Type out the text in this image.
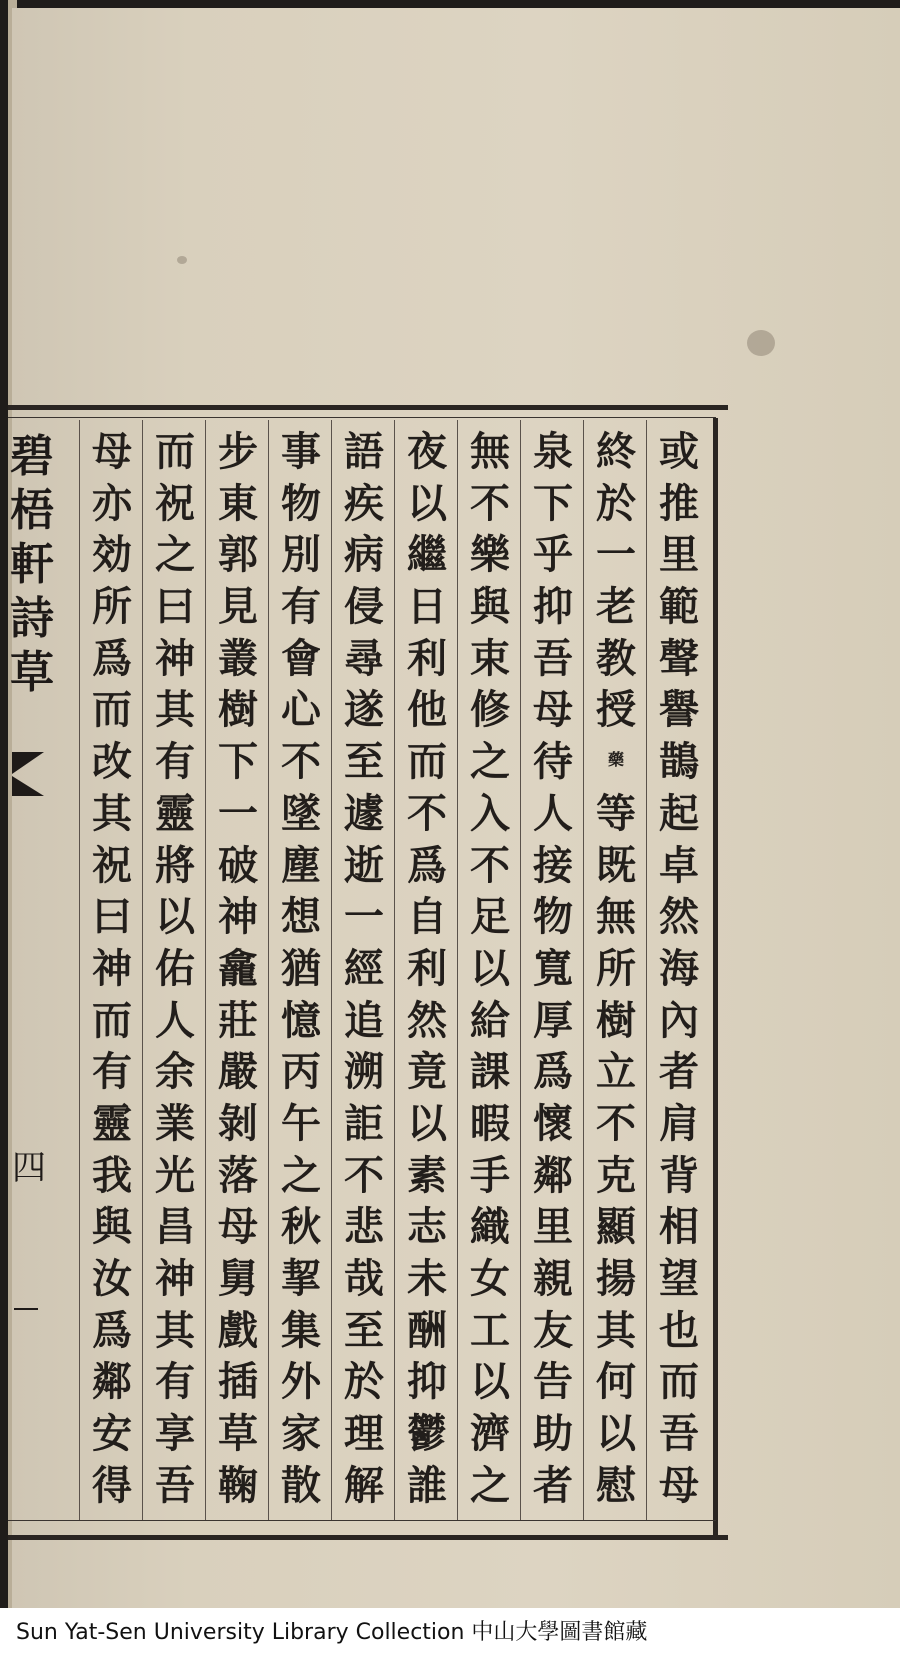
或
推
里
範
聲
譽
鵲
起
卓
然
海
內
者
肩
背
相
望
也
而
吾
母
終
於
一
老
教
授
藥
等
既
無
所
樹
立
不
克
顯
揚
其
何
以
慰
泉
下
乎
抑
吾
母
待
人
接
物
寬
厚
爲
懷
鄰
里
親
友
告
助
者
無
不
樂
與
束
修
之
入
不
足
以
給
課
暇
手
織
女
工
以
濟
之
夜
以
繼
日
利
他
而
不
爲
自
利
然
竟
以
素
志
未
酬
抑
鬱
誰
語
疾
病
侵
尋
遂
至
遽
逝
一
經
追
溯
詎
不
悲
哉
至
於
理
解
事
物
別
有
會
心
不
墜
塵
想
猶
憶
丙
午
之
秋
挈
集
外
家
散
步
東
郭
見
叢
樹
下
一
破
神
龕
莊
嚴
剝
落
母
舅
戲
插
草
鞠
而
祝
之
曰
神
其
有
靈
將
以
佑
人
余
業
光
昌
神
其
有
享
吾
母
亦
効
所
爲
而
改
其
祝
曰
神
而
有
靈
我
與
汝
爲
鄰
安
得
碧
梧
軒
詩
草
四
Sun Yat-Sen University Library Collection 中山大學圖書館藏
